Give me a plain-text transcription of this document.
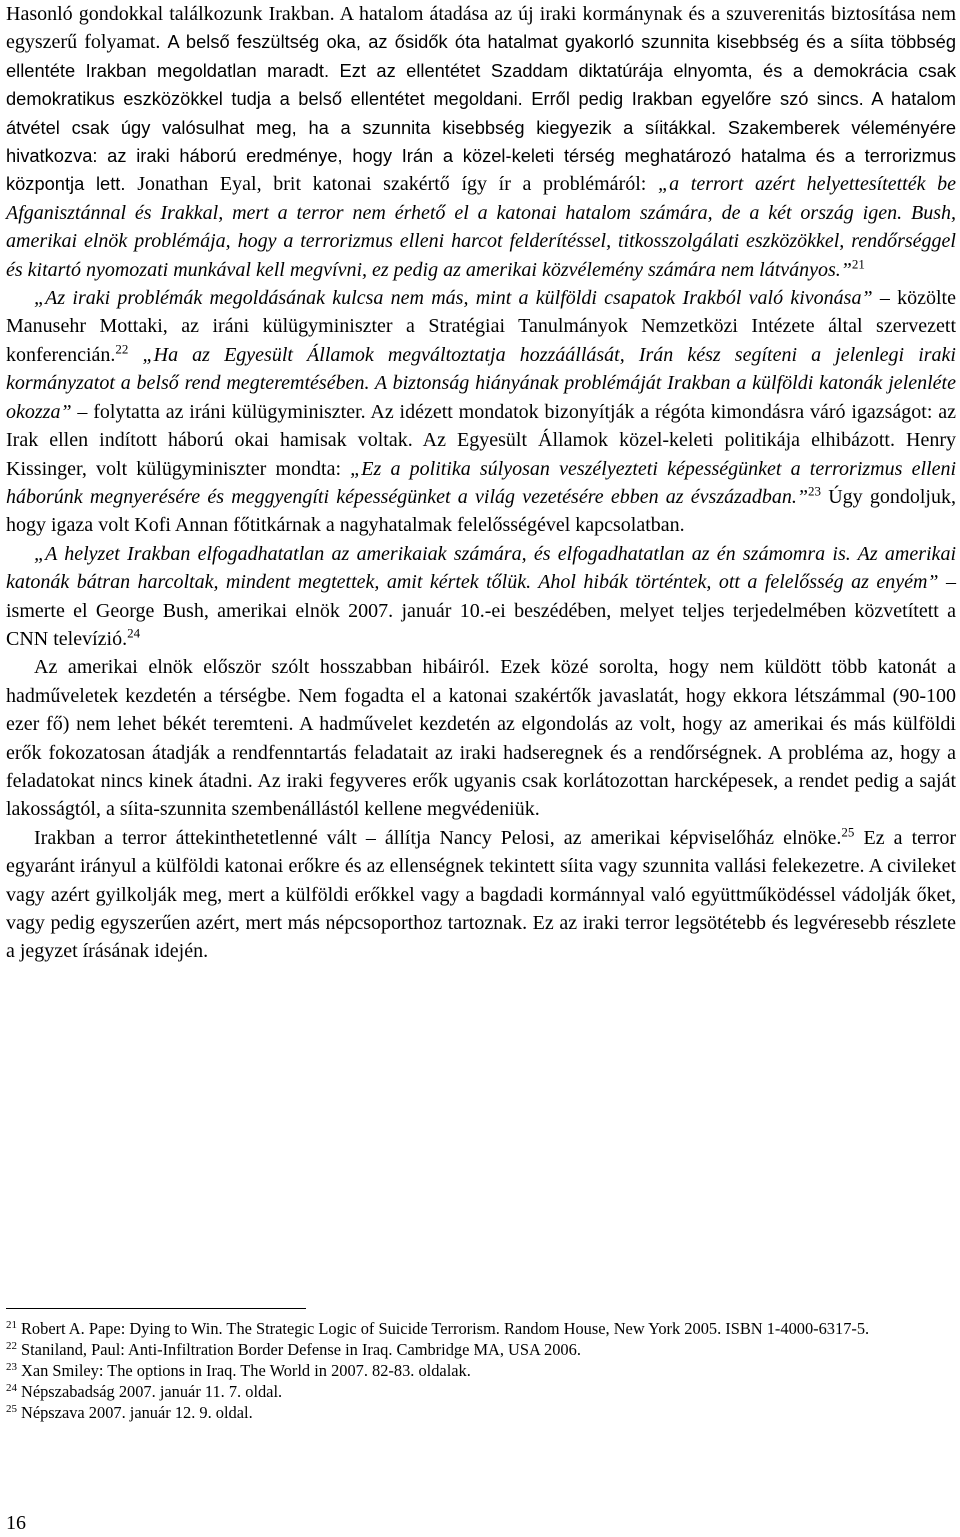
Hasonló gondokkal találkozunk Irakban. A hatalom átadása az új iraki kormánynak és a szuverenitás biztosítása nem egyszerű folyamat. A belső feszültség oka, az ősidők óta hatalmat gyakorló szunnita kisebbség és a síita többség ellentéte Irakban megoldatlan maradt. Ezt az ellentétet Szaddam diktatúrája elnyomta, és a demokrácia csak demokratikus eszközökkel tudja a belső ellentétet megoldani. Erről pedig Irakban egyelőre szó sincs. A hatalom átvétel csak úgy valósulhat meg, ha a szunnita kisebbség kiegyezik a síitákkal. Szakemberek véleményére hivatkozva: az iraki háború eredménye, hogy Irán a közel-keleti térség meghatározó hatalma és a terrorizmus központja lett. Jonathan Eyal, brit katonai szakértő így ír a problémáról: „a terrort azért helyettesítették be Afganisztánnal és Irakkal, mert a terror nem érhető el a katonai hatalom számára, de a két ország igen. Bush, amerikai elnök problémája, hogy a terrorizmus elleni harcot felderítéssel, titkosszolgálati eszközökkel, rendőrséggel és kitartó nyomozati munkával kell megvívni, ez pedig az amerikai közvélemény számára nem látványos.”$^{21}$

„Az iraki problémák megoldásának kulcsa nem más, mint a külföldi csapatok Irakból való kivonása” – közölte Manusehr Mottaki, az iráni külügyminiszter a Stratégiai Tanulmányok Nemzetközi Intézete által szervezett konferencián.$^{22}$ „Ha az Egyesült Államok megváltoztatja hozzáállását, Irán kész segíteni a jelenlegi iraki kormányzatot a belső rend megteremtésében. A biztonság hiányának problémáját Irakban a külföldi katonák jelenléte okozza” – folytatta az iráni külügyminiszter. Az idézett mondatok bizonyítják a régóta kimondásra váró igazságot: az Irak ellen indított háború okai hamisak voltak. Az Egyesült Államok közel-keleti politikája elhibázott. Henry Kissinger, volt külügyminiszter mondta: „Ez a politika súlyosan veszélyezteti képességünket a terrorizmus elleni háborúnk megnyerésére és meggyengíti képességünket a világ vezetésére ebben az évszázadban.”$^{23}$ Úgy gondoljuk, hogy igaza volt Kofi Annan főtitkárnak a nagyhatalmak felelősségével kapcsolatban.

„A helyzet Irakban elfogadhatatlan az amerikaiak számára, és elfogadhatatlan az én számomra is. Az amerikai katonák bátran harcoltak, mindent megtettek, amit kértek tőlük. Ahol hibák történtek, ott a felelősség az enyém” – ismerte el George Bush, amerikai elnök 2007. január 10.-ei beszédében, melyet teljes terjedelmében közvetített a CNN televízió.$^{24}$

Az amerikai elnök először szólt hosszabban hibáiról. Ezek közé sorolta, hogy nem küldött több katonát a hadműveletek kezdetén a térségbe. Nem fogadta el a katonai szakértők javaslatát, hogy ekkora létszámmal (90-100 ezer fő) nem lehet békét teremteni. A hadművelet kezdetén az elgondolás az volt, hogy az amerikai és más külföldi erők fokozatosan átadják a rendfenntartás feladatait az iraki hadseregnek és a rendőrségnek. A probléma az, hogy a feladatokat nincs kinek átadni. Az iraki fegyveres erők ugyanis csak korlátozottan harcképesek, a rendet pedig a saját lakosságtól, a síita-szunnita szembenállástól kellene megvédeniük.

Irakban a terror áttekinthetetlenné vált – állítja Nancy Pelosi, az amerikai képviselőház elnöke.$^{25}$ Ez a terror egyaránt irányul a külföldi katonai erőkre és az ellenségnek tekintett síita vagy szunnita vallási felekezetre. A civileket vagy azért gyilkolják meg, mert a külföldi erőkkel vagy a bagdadi kormánnyal való együttműködéssel vádolják őket, vagy pedig egyszerűen azért, mert más népcsoporthoz tartoznak. Ez az iraki terror legsötétebb és legvéresebb részlete a jegyzet írásának idején.

$^{21}$ Robert A. Pape: Dying to Win. The Strategic Logic of Suicide Terrorism. Random House, New York 2005. ISBN 1-4000-6317-5.

$^{22}$ Staniland, Paul: Anti-Infiltration Border Defense in Iraq. Cambridge MA, USA 2006.

$^{23}$ Xan Smiley: The options in Iraq. The World in 2007. 82-83. oldalak.

$^{24}$ Népszabadság 2007. január 11. 7. oldal.

$^{25}$ Népszava 2007. január 12. 9. oldal.

16
